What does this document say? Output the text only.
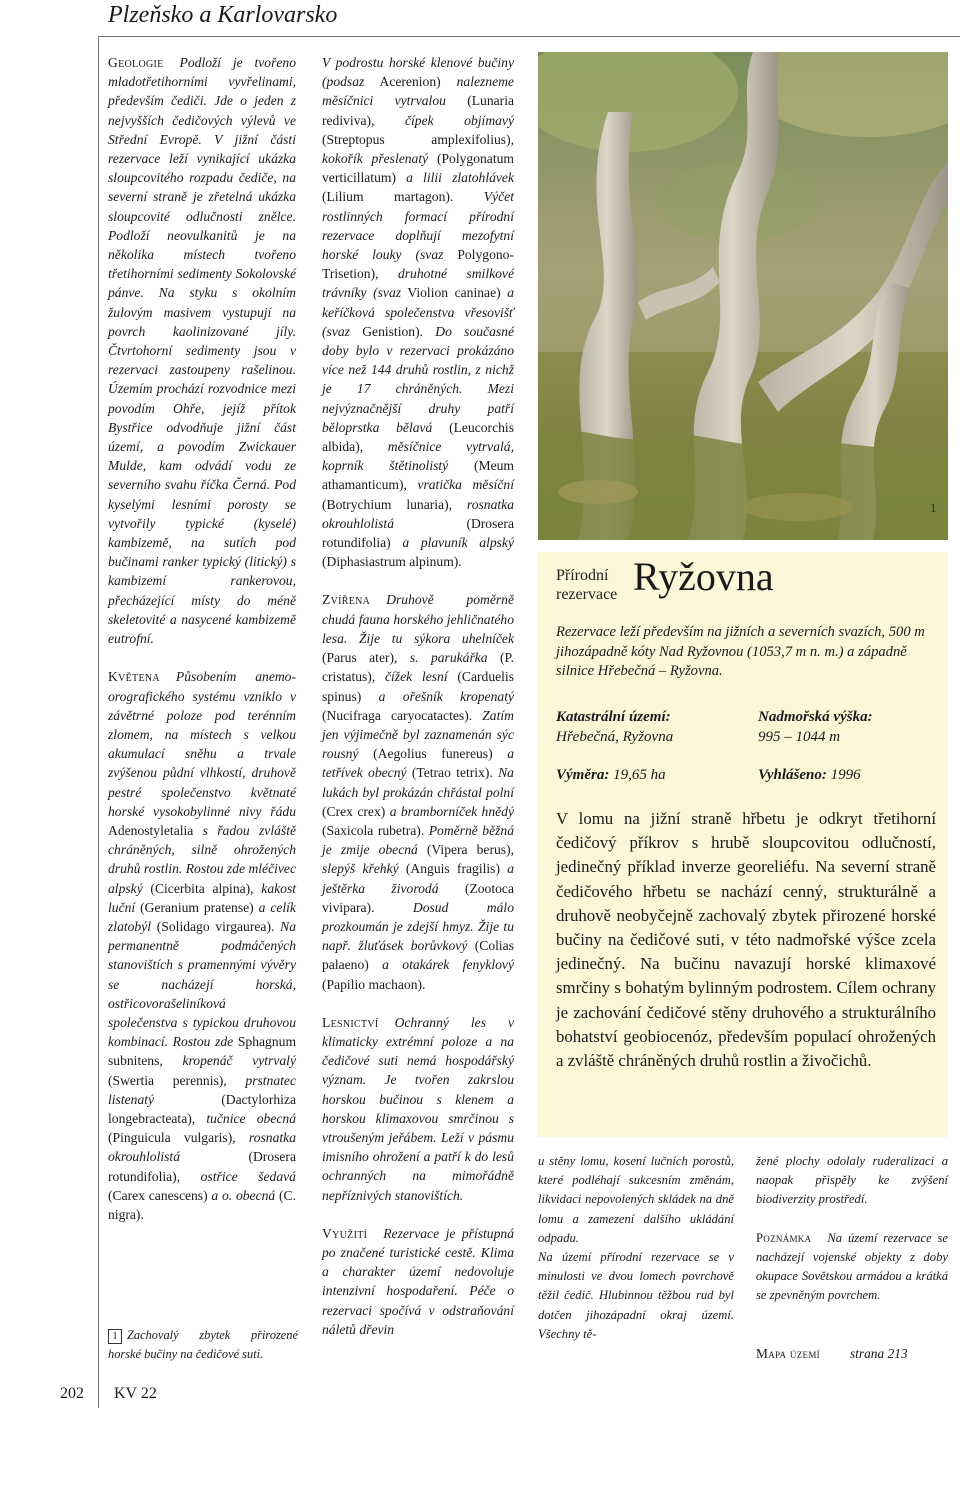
Plzeňsko a Karlovarsko

Geologie Podloží je tvořeno mladotřetihorními vyvřelinami, především čediči. Jde o jeden z nejvyšších čedičových výlevů ve Střední Evropě. V jižní části rezervace leží vynikající ukázka sloupcovitého rozpadu čediče, na severní straně je zřetelná ukázka sloupcovité odlučnosti znělce. Podloží neovulkanitů je na několika místech tvořeno třetihorními sedimenty Sokolovské pánve. Na styku s okolním žulovým masivem vystupují na povrch kaolinizované jíly. Čtvrtohorní sedimenty jsou v rezervaci zastoupeny rašelinou. Územím prochází rozvodnice mezi povodím Ohře, jejíž přítok Bystřice odvodňuje jižní část území, a povodím Zwickauer Mulde, kam odvádí vodu ze severního svahu říčka Černá. Pod kyselými lesními porosty se vytvořily typické (kyselé) kambizemě, na sutích pod bučinami ranker typický (litický) s kambizemí rankerovou, přecházející místy do méně skeletovité a nasycené kambizemě eutrofní.

Květena Působením anemo-orografického systému vzniklo v závětrné poloze pod terénním zlomem, na místech s velkou akumulací sněhu a trvale zvýšenou půdní vlhkostí, druhově pestré společenstvo květnaté horské vysokobylinné nivy řádu Adenostyletalia s řadou zvláště chráněných, silně ohrožených druhů rostlin. Rostou zde mléčivec alpský (Cicerbita alpina), kakost luční (Geranium pratense) a celík zlatobýl (Solidago virgaurea). Na permanentně podmáčených stanovištích s pramennými vývěry se nacházejí horská, ostřicovorašeliníková společenstva s typickou druhovou kombinací. Rostou zde Sphagnum subnitens, kropenáč vytrvalý (Swertia perennis), prstnatec listenatý	(Dactylorhiza longebracteata), tučnice obecná (Pinguicula vulgaris), rosnatka okrouhlolistá	(Drosera rotundifolia), ostřice šedavá (Carex canescens) a o. obecná (C. nigra).

1 Zachovalý zbytek přirozené horské bučiny na čedičové suti.

V podrostu horské klenové bučiny (podsaz Acerenion) nalezneme měsíčnici vytrvalou (Lunaria rediviva), čípek objímavý (Streptopus amplexifolius), kokořík přeslenatý (Polygonatum verticillatum) a lilii zlatohlávek (Lilium martagon). Výčet rostlinných formací přírodní rezervace doplňují mezofytní horské louky (svaz Polygono-Trisetion), druhotné smilkové trávníky (svaz Violion caninae) a keříčková společenstva vřesovišť (svaz Genistion). Do současné doby bylo v rezervaci prokázáno více než 144 druhů rostlin, z nichž je 17 chráněných. Mezi nejvýznačnější druhy patří běloprstka bělavá (Leucorchis albida), měsíčnice vytrvalá, koprník štětinolistý (Meum athamanticum), vratička měsíční (Botrychium lunaria), rosnatka okrouhlolistá	(Drosera rotundifolia) a plavuník alpský (Diphasiastrum alpinum).

Zvířena Druhově poměrně chudá fauna horského jehličnatého lesa. Žije tu sýkora uhelníček (Parus ater), s. parukářka (P. cristatus), čížek lesní (Carduelis spinus) a ořešník kropenatý (Nucifraga caryocatactes). Zatím jen výjimečně byl zaznamenán sýc rousný (Aegolius funereus) a tetřívek obecný (Tetrao tetrix). Na lukách byl prokázán chřástal polní (Crex crex) a bramborníček hnědý (Saxicola rubetra). Poměrně běžná je zmije obecná (Vipera berus), slepýš křehký (Anguis fragilis) a ještěrka živorodá (Zootoca vivipara).	Dosud málo prozkoumán je zdejší hmyz. Žije tu např. žluťásek borůvkový (Colias palaeno) a otakárek fenyklový (Papilio machaon).

Lesnictví Ochranný les v klimaticky extrémní poloze a na čedičové suti nemá hospodářský význam. Je tvořen zakrslou horskou bučinou s klenem a horskou klimaxovou smrčinou s vtroušeným jeřábem. Leží v pásmu imisního ohrožení a patří k do lesů ochranných na mimořádně nepříznivých stanovištích.

Využití Rezervace je přístupná po značené turistické cestě. Klima a charakter území nedovoluje intenzivní hospodaření. Péče o rezervaci spočívá v odstraňování náletů dřevin

1
Přírodní
rezervace Ryžovna
Rezervace leží především na jižních a severních svazích, 500 m jihozápadně kóty Nad Ryžovnou (1053,7 m n. m.) a západně silnice Hřebečná – Ryžovna.
Katastrální území:
Hřebečná, Ryžovna
Nadmořská výška:
995 – 1044 m
Výměra: 19,65 ha	Vyhlášeno: 1996
V lomu na jižní straně hřbetu je odkryt třetihorní čedičový příkrov s hrubě sloupcovitou odlučností, jedinečný příklad inverze georeliéfu. Na severní straně čedičového hřbetu se nachází cenný, strukturálně a druhově neobyčejně zachovalý zbytek přirozené horské bučiny na čedičové suti, v této nadmořské výšce zcela jedinečný. Na bučinu navazují horské klimaxové smrčiny s bohatým bylinným podrostem. Cílem ochrany je zachování čedičové stěny druhového a strukturálního bohatství geobiocenóz, především populací ohrožených a zvláště chráněných druhů rostlin a živočichů.

u stěny lomu, kosení lučních porostů, které podléhají sukcesním změnám, likvidaci nepovolených skládek na dně lomu a zamezení dalšího ukládání odpadu.

Na území přírodní rezervace se v minulosti ve dvou lomech povrchově těžil čedič. Hlubinnou těžbou rud byl dotčen jihozápadní okraj území. Všechny tě-

žené plochy odolaly ruderalizaci a naopak přispěly ke zvýšení biodiverzity prostředí.

Poznámka Na území rezervace se nacházejí vojenské objekty z doby okupace Sovětskou armádou a krátká se zpevněným povrchem.

Mapa území strana 213
202 KV 22
